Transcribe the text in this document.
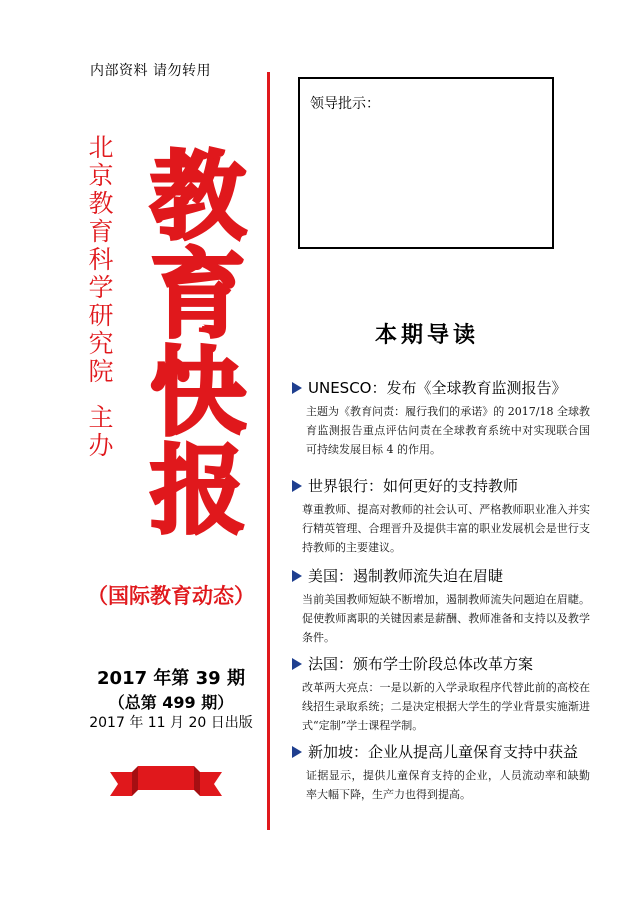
内部资料 请勿转用
北
京
教
育
科
学
研
究
院
主
办
教
育
快
报
（国际教育动态）
2017 年第 39 期
（总第 499 期）
2017 年 11 月 20 日出版
领导批示：
本期导读
UNESCO：发布《全球教育监测报告》
主题为《教育问责：履行我们的承诺》的 2017/18 全球教育监测报告重点评估问责在全球教育系统中对实现联合国可持续发展目标 4 的作用。
世界银行：如何更好的支持教师
尊重教师、提高对教师的社会认可、严格教师职业准入并实行精英管理、合理晋升及提供丰富的职业发展机会是世行支持教师的主要建议。
美国：遏制教师流失迫在眉睫
当前美国教师短缺不断增加，遏制教师流失问题迫在眉睫。促使教师离职的关键因素是薪酬、教师准备和支持以及教学条件。
法国：颁布学士阶段总体改革方案
改革两大亮点：一是以新的入学录取程序代替此前的高校在线招生录取系统；二是决定根据大学生的学业背景实施渐进式“定制”学士课程学制。
新加坡：企业从提高儿童保育支持中获益
证据显示，提供儿童保育支持的企业，人员流动率和缺勤率大幅下降，生产力也得到提高。
